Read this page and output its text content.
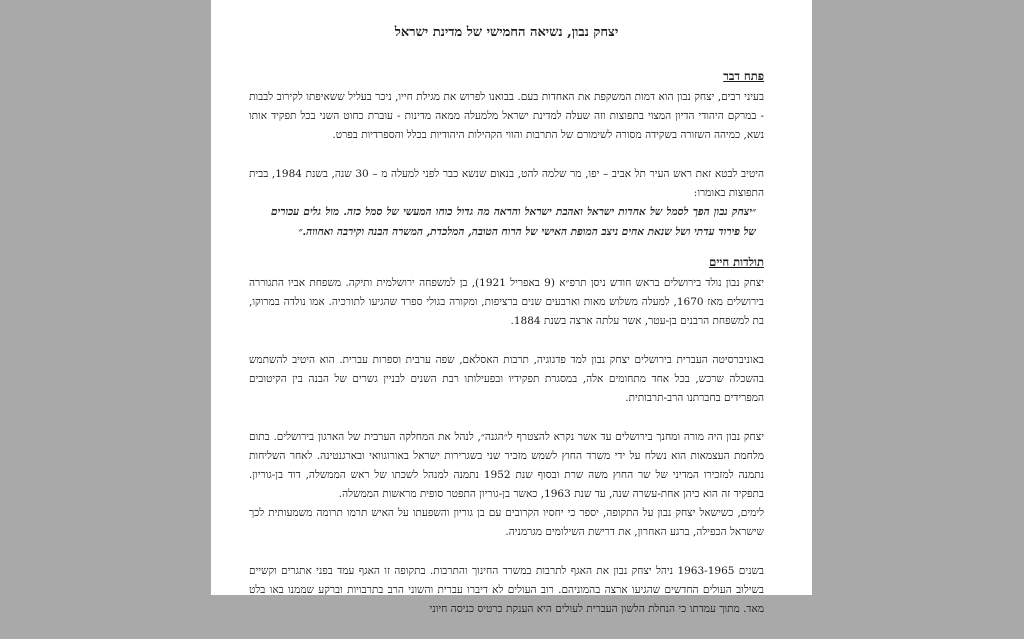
יצחק נבון, נשיאה החמישי של מדינת ישראל
פתח דבר
בעיני רבים, יצחק נבון הוא דמות המשקפת את האחדות בעם. בבואנו לפרוש את מגילת חייו, ניכר בעליל ששאיפתו לקירוב לבבות - במרקם היהודי הדיון המצוי בתפוצות וזה שעלה למדינת ישראל מלמעלה ממאה מדינות - עוברת כחוט השני בכל תפקיד אותו נשא, כמיהה השזורה בשקידה מסורה לשימורם של התרבות והווי הקהילות היהודיות בכלל והספרדיות בפרט.
היטיב לבטא זאת ראש העיר תל אביב – יפו, מר שלמה להט, בנאום שנשא כבר לפני למעלה מ – 30 שנה, בשנת 1984, בבית התפוצות באומרו:
״יצחק נבון הפך לסמל של אחדות ישראל ואהבת ישראל והראה מה גדול כוחו המעשי של סמל כזה. מול גלים עכורים של פירוד עדתי ושל שנאת אחים ניצב המופת האישי של הרוח הטובה, המלכדת, המשרה הבנה וקירבה ואחווה.״
תולדות חיים
יצחק נבון נולד בירושלים בראש חודש ניסן תרפ״א (9 באפריל 1921), בן למשפחה ירושלמית ותיקה. משפחת אביו התגוררה בירושלים מאז 1670, למעלה משלוש מאות וארבעים שנים ברציפות, ומקורה בגולי ספרד שהגיעו לתורכיה. אמו נולדה במרוקו, בת למשפחת הרבנים בן-עטר, אשר עלתה ארצה בשנת 1884.
באוניברסיטה העברית בירושלים יצחק נבון למד פדגוגיה, תרבות האסלאם, שפה ערבית וספרות עברית. הוא היטיב להשתמש בהשכלה שרכש, בכל אחד מתחומים אלה, במסגרת תפקידיו ובפעילותו רבת השנים לבניין גשרים של הבנה בין הקיטובים המפרידים בחברתנו הרב-תרבותית.
יצחק נבון היה מורה ומחנך בירושלים עד אשר נקרא להצטרף ל״הגנה״, לנהל את המחלקה הערבית של הארגון בירושלים. בתום מלחמת העצמאות הוא נשלח על ידי משרד החוץ לשמש מזכיר שני בשגרירות ישראל באורוגוואי ובארגנטינה. לאחר השליחות נתמנה למזכירו המדיני של שר החוץ משה שרת ובסוף שנת 1952 נתמנה למנהל לשכתו של ראש הממשלה, דוד בן-גוריון. בתפקיד זה הוא כיהן אחת-עשרה שנה, עד שנת 1963, כאשר בן-גוריון התפטר סופית מראשות הממשלה.
לימים, כשישאל יצחק נבון על התקופה, יספר כי יחסיו הקרובים עם בן גוריון והשפעתו על האיש תרמו תרומה משמעותית לכך שישראל הכפילה, ברגע האחרון, את דרישת השילומים מגרמניה.
בשנים 1963-1965 ניהל יצחק נבון את האגף לתרבות במשרד החינוך והתרבות. בתקופה זו האגף עמד בפני אתגרים וקשיים בשילוב העולים החדשים שהגיעו ארצה בהמוניהם. רוב העולים לא דיברו עברית והשוני הרב בתרבויות וברקע שממנו באו בלט מאד. מתוך עמדתו כי הנחלת הלשון העברית לעולים היא הענקת כרטיס כניסה חיוני
